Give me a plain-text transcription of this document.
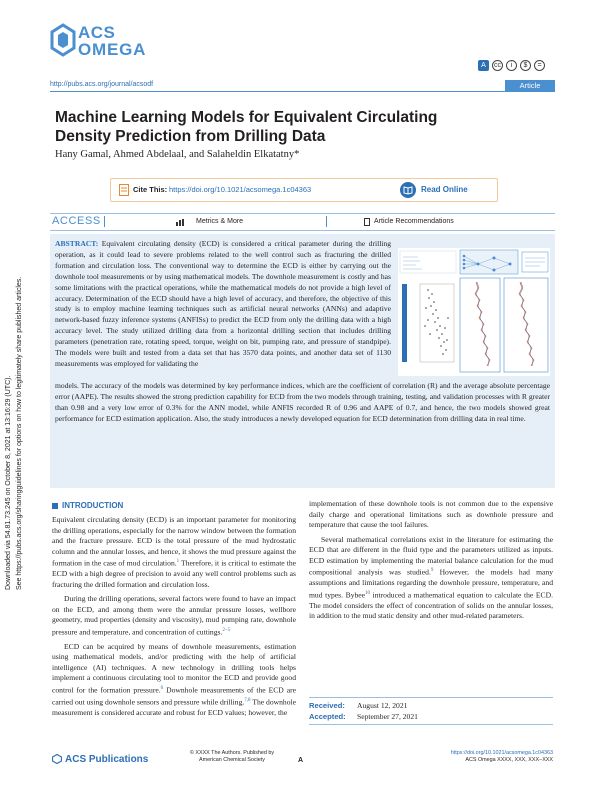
ACS
OMEGA
A	cc	i	$	=
http://pubs.acs.org/journal/acsodf	Article
Machine Learning Models for Equivalent Circulating Density Prediction from Drilling Data
Hany Gamal, Ahmed Abdelaal, and Salaheldin Elkatatny*
Cite This: https://doi.org/10.1021/acsomega.1c04363	Read Online
ACCESS	Metrics & More	Article Recommendations
ABSTRACT: Equivalent circulating density (ECD) is considered a critical parameter during the drilling operation, as it could lead to severe problems related to the well control such as fracturing the drilled formation and circulation loss. The conventional way to determine the ECD is either by carrying out the downhole tool measurements or by using mathematical models. The downhole measurement is costly and has some limitations with the practical operations, while the mathematical models do not provide a high level of accuracy. Determination of the ECD should have a high level of accuracy, and therefore, the objective of this study is to employ machine learning techniques such as artificial neural networks (ANNs) and adaptive network-based fuzzy inference systems (ANFISs) to predict the ECD from only the drilling data with a high accuracy level. The study utilized drilling data from a horizontal drilling section that includes drilling parameters (penetration rate, rotating speed, torque, weight on bit, pumping rate, and pressure of standpipe). The models were built and tested from a data set that has 3570 data points, and another data set of 1130 measurements was employed for validating the
models. The accuracy of the models was determined by key performance indices, which are the coefficient of correlation (R) and the average absolute percentage error (AAPE). The results showed the strong prediction capability for ECD from the two models through training, testing, and validation processes with R greater than 0.98 and a very low error of 0.3% for the ANN model, while ANFIS recorded R of 0.96 and AAPE of 0.7, and hence, the two models showed great performance for ECD estimation application. Also, the study introduces a newly developed equation for ECD determination from drilling data in real time.
Downloaded via 54.81.73.245 on October 8, 2021 at 13:16:29 (UTC). See https://pubs.acs.org/sharingguidelines for options on how to legitimately share published articles.	INTRODUCTION

Equivalent circulating density (ECD) is an important parameter for monitoring the drilling operations, especially for the narrow window between the formation and the fracture pressure. ECD is the total pressure of the mud hydrostatic column and the annular losses, and hence, it shows the mud pressure against the formation in the case of mud circulation.$^1$ Therefore, it is critical to estimate the ECD with a high degree of precision to avoid any well control problems such as fracturing the drilled formation and circulation loss.

During the drilling operations, several factors were found to have an impact on the ECD, and among them were the annular pressure losses, wellbore geometry, mud properties (density and viscosity), mud pumping rate, downhole pressure and temperature, and concentration of cuttings.$^{2-5}$

ECD can be acquired by means of downhole measurements, estimation using mathematical models, and/or predicting with the help of artificial intelligence (AI) techniques. A new technology in drilling tools helps implement a continuous circulating tool to monitor the ECD and provide good control for the formation pressure.$^6$ Downhole measurements of the ECD are carried out using downhole sensors and pressure while drilling.$^{7,8}$ The downhole measurement is considered accurate and robust for ECD values; however, the

implementation of these downhole tools is not common due to the expensive daily charge and operational limitations such as downhole pressure and temperature that cause the tool failures.

Several mathematical correlations exist in the literature for estimating the ECD that are different in the fluid type and the parameters utilized as inputs. ECD estimation by implementing the material balance calculation for the mud compositional analysis was studied.$^9$ However, the models had many assumptions and limitations regarding the downhole pressure, temperature, and mud types. Bybee$^{10}$ introduced a mathematical equation to calculate the ECD. The model considers the effect of concentration of solids on the annular losses, in addition to the mud static density and other mud-related parameters.

Received: August 12, 2021
Accepted: September 27, 2021
ACS Publications
© XXXX The Authors. Published by American Chemical Society	A
https://doi.org/10.1021/acsomega.1c04363
ACS Omega XXXX, XXX, XXX−XXX
